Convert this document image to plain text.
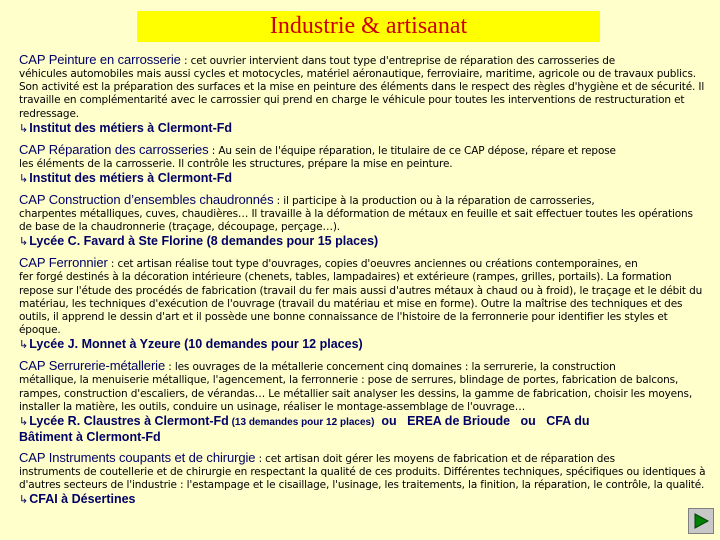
Industrie & artisanat
CAP Peinture en carrosserie : cet ouvrier intervient dans tout type d'entreprise de réparation des carrosseries de
véhicules automobiles mais aussi cycles et motocycles, matériel aéronautique, ferroviaire, maritime, agricole ou de travaux publics. Son activité est la préparation des surfaces et la mise en peinture des éléments dans le respect des règles d'hygiène et de sécurité. Il travaille en complémentarité avec le carrossier qui prend en charge le véhicule pour toutes les interventions de restructuration et redressage.
↳Institut des métiers à Clermont-Fd
CAP Réparation des carrosseries : Au sein de l'équipe réparation, le titulaire de ce CAP dépose, répare et repose
les éléments de la carrosserie. Il contrôle les structures, prépare la mise en peinture.
↳Institut des métiers à Clermont-Fd
CAP Construction d’ensembles chaudronnés : il participe à la production ou à la réparation de carrosseries,
charpentes métalliques, cuves, chaudières… Il travaille à la déformation de métaux en feuille et sait effectuer toutes les opérations de base de la chaudronnerie (traçage, découpage, perçage…).
↳Lycée C. Favard à Ste Florine (8 demandes pour 15 places)
CAP Ferronnier : cet artisan réalise tout type d'ouvrages, copies d'oeuvres anciennes ou créations contemporaines, en
fer forgé destinés à la décoration intérieure (chenets, tables, lampadaires) et extérieure (rampes, grilles, portails). La formation repose sur l'étude des procédés de fabrication (travail du fer mais aussi d'autres métaux à chaud ou à froid), le traçage et le débit du matériau, les techniques d'exécution de l'ouvrage (travail du matériau et mise en forme). Outre la maîtrise des techniques et des outils, il apprend le dessin d'art et il possède une bonne connaissance de l'histoire de la ferronnerie pour identifier les styles et époque.
↳Lycée J. Monnet à Yzeure (10 demandes pour 12 places)
CAP Serrurerie-métallerie : les ouvrages de la métallerie concernent cinq domaines : la serrurerie, la construction
métallique, la menuiserie métallique, l'agencement, la ferronnerie : pose de serrures, blindage de portes, fabrication de balcons, rampes, construction d'escaliers, de vérandas… Le métallier sait analyser les dessins, la gamme de fabrication, choisir les moyens, installer la matière, les outils, conduire un usinage, réaliser le montage-assemblage de l'ouvrage…
↳Lycée R. Claustres à Clermont-Fd (13 demandes pour 12 places)  ou   EREA de Brioude   ou   CFA du
Bâtiment à Clermont-Fd
CAP Instruments coupants et de chirurgie : cet artisan doit gérer les moyens de fabrication et de réparation des
instruments de coutellerie et de chirurgie en respectant la qualité de ces produits. Différentes techniques, spécifiques ou identiques à d'autres secteurs de l'industrie : l'estampage et le cisaillage, l'usinage, les traitements, la finition, la réparation, le contrôle, la qualité.
↳CFAI à Désertines
